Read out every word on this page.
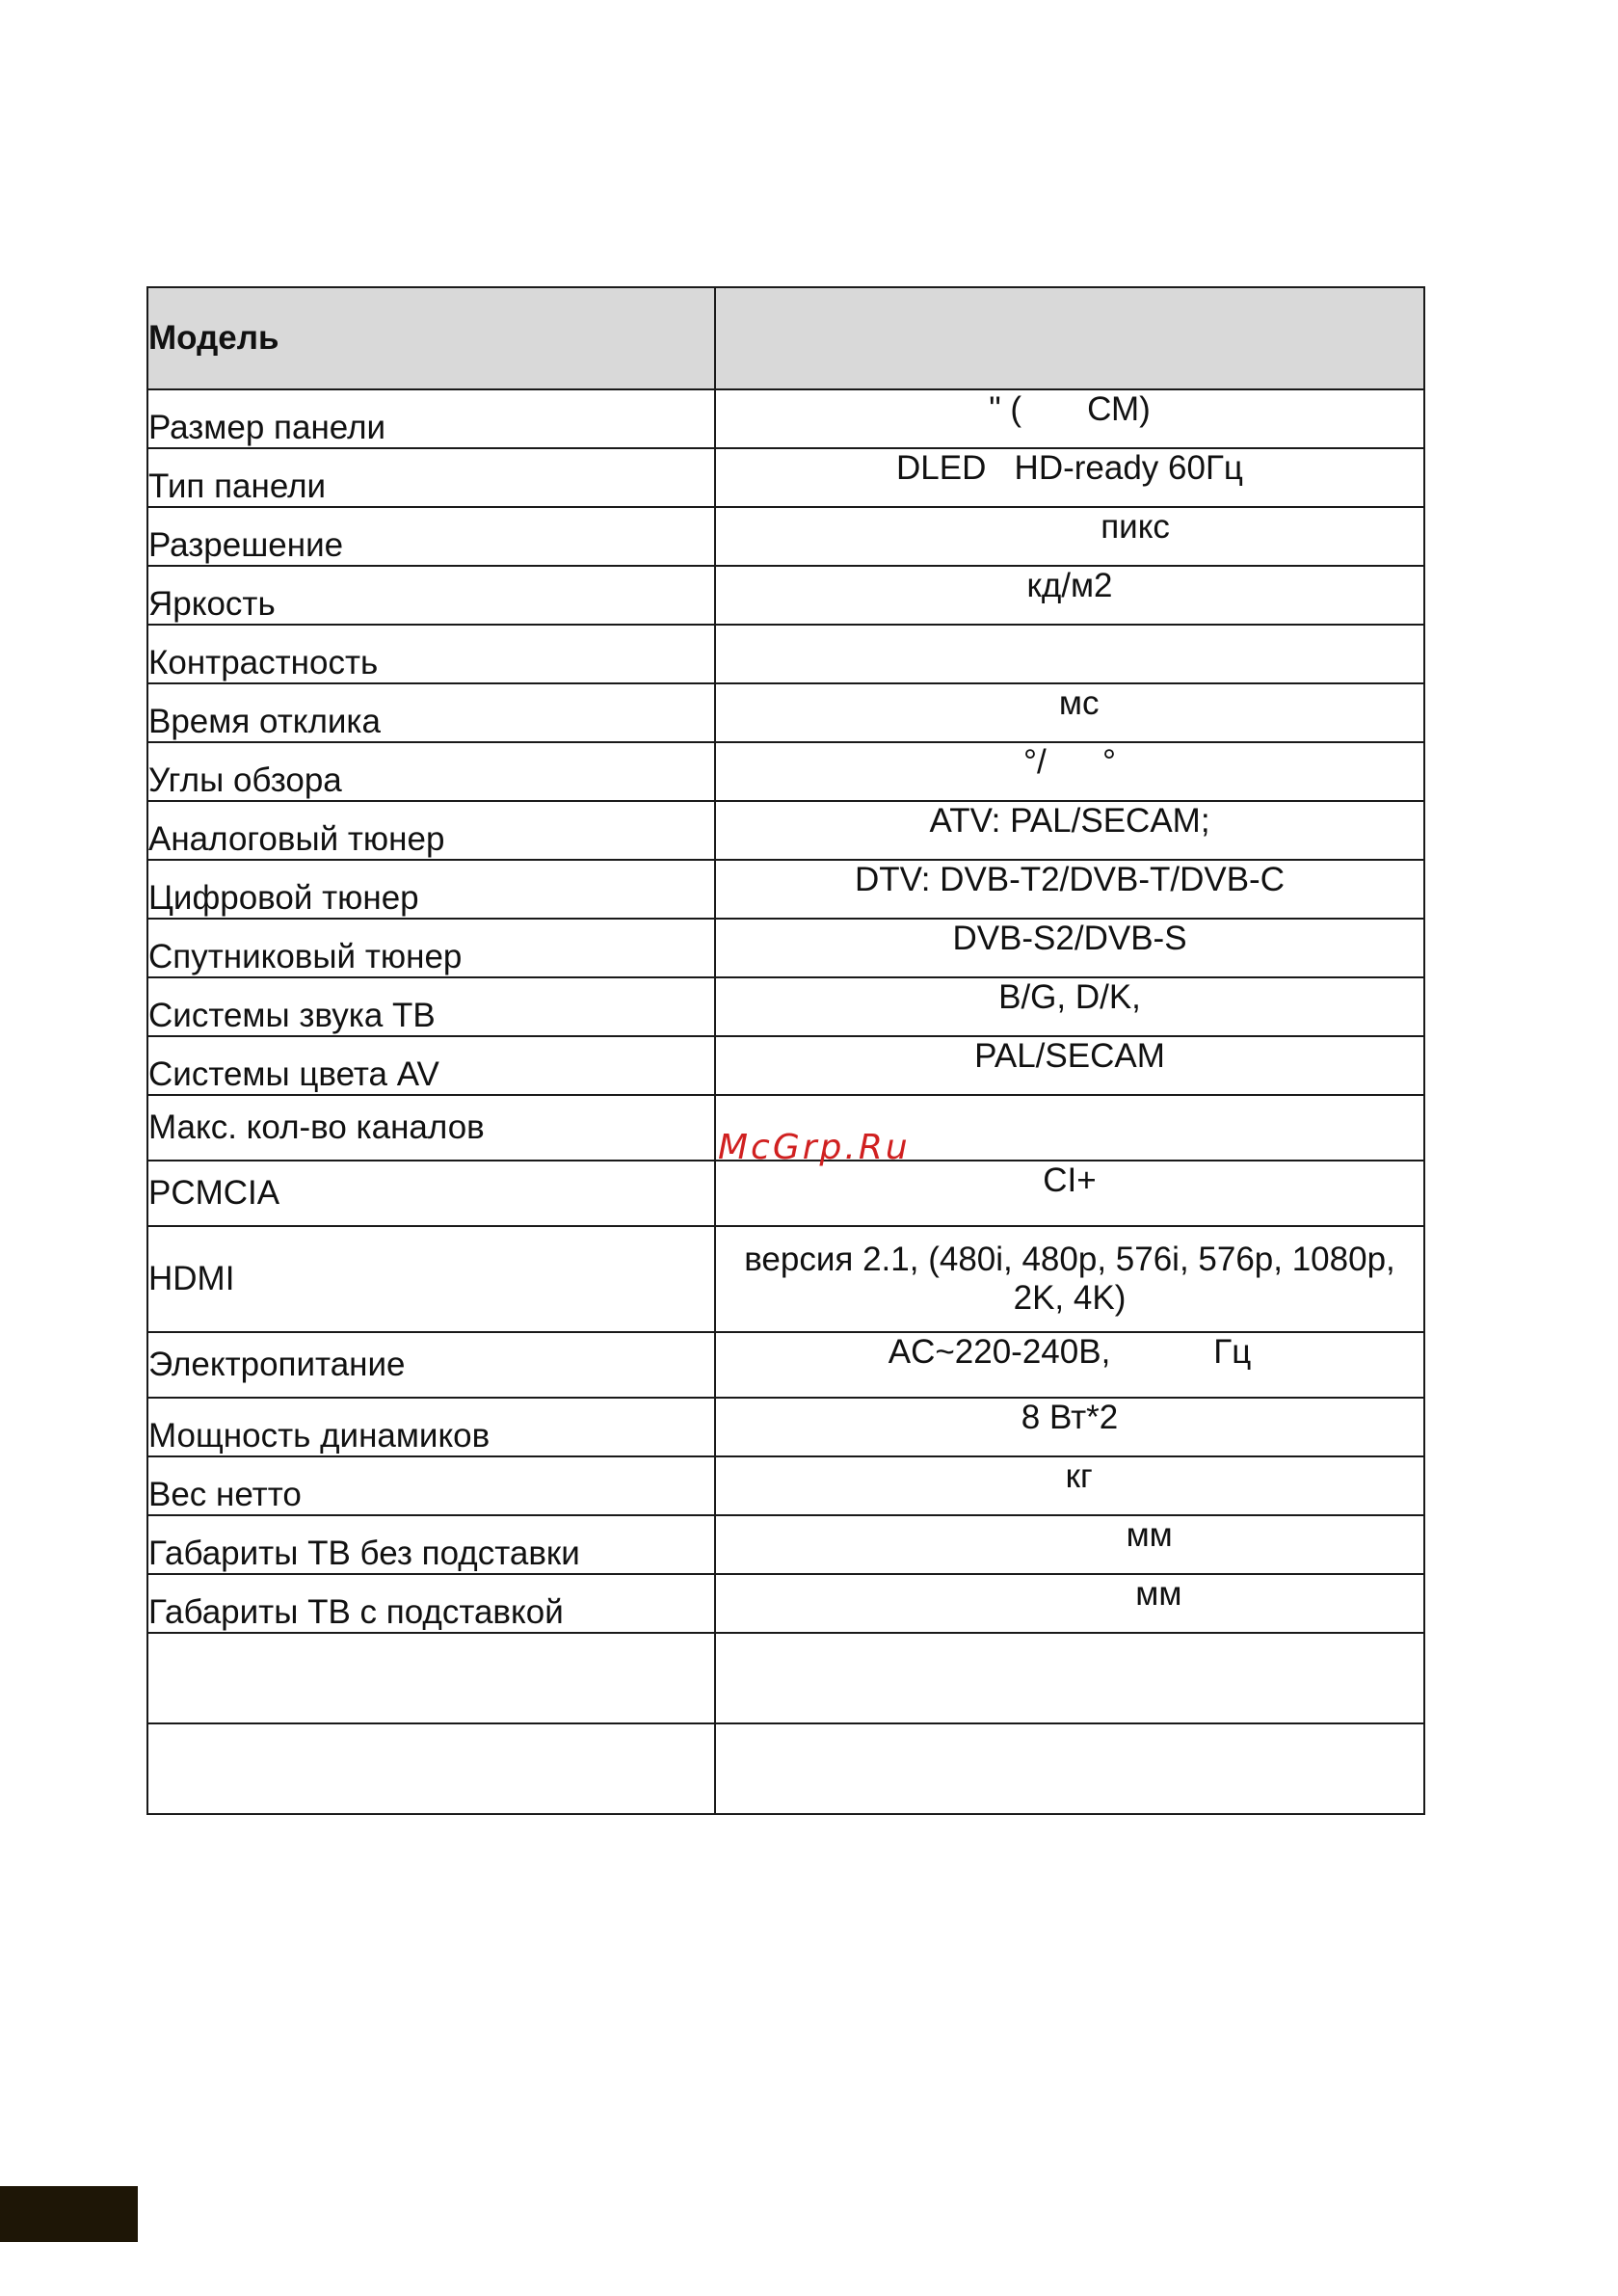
Модель	
Размер панели	" (       СМ)
Тип панели	DLED   HD-ready 60Гц
Разрешение	пикс
Яркость	кд/м2
Контрастность	
Время отклика	мс
Углы обзора	°/      °
Аналоговый тюнер	ATV: PAL/SECAM;
Цифровой тюнер	DTV: DVB-T2/DVB-T/DVB-C
Спутниковый тюнер	DVB-S2/DVB-S
Системы звука ТВ	B/G, D/K,
Системы цвета AV	PAL/SECAM
Макс. кол-во каналов	
PCMCIA	CI+
HDMI	версия 2.1, (480i, 480p, 576i, 576p, 1080p, 2K, 4K)
Электропитание	AC~220-240В,           Гц
Мощность динамиков	8 Вт*2
Вес нетто	кг
Габариты ТВ без подставки	мм
Габариты ТВ с подставкой	мм

McGrp.Ru
